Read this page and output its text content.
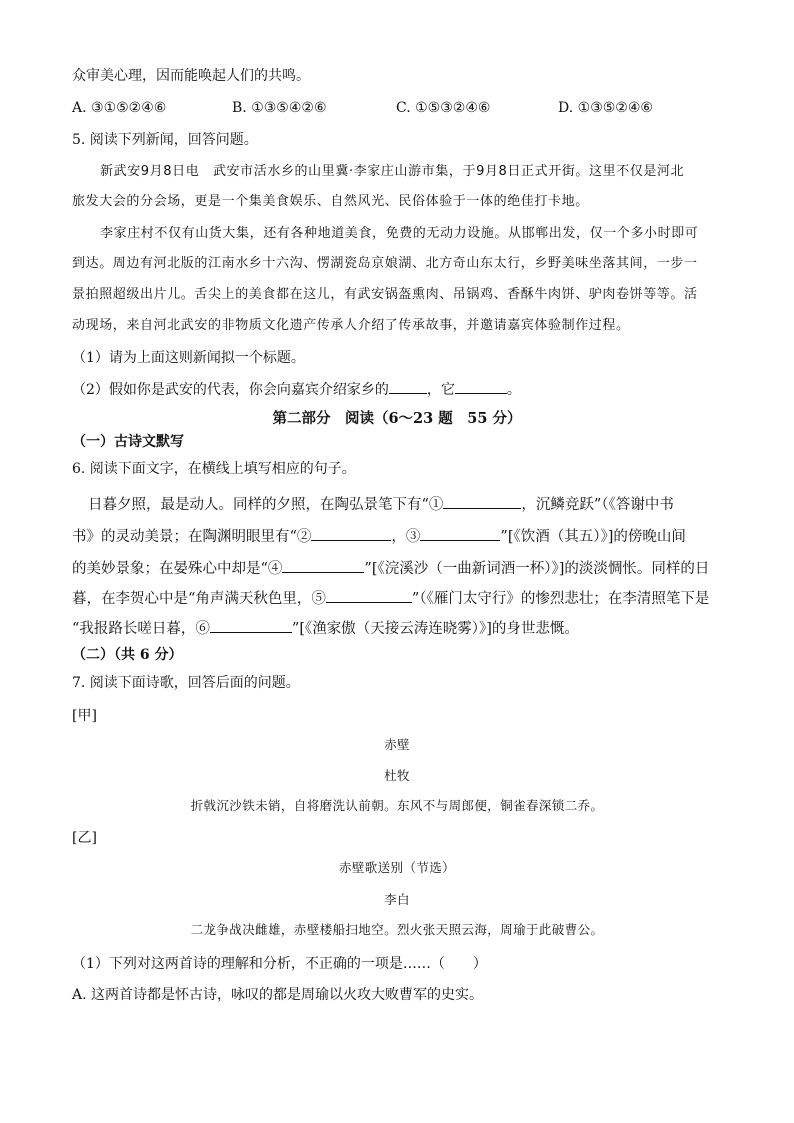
众审美心理，因而能唤起人们的共鸣。
A. ③①⑤②④⑥	B. ①③⑤④②⑥	C. ①⑤③②④⑥	D. ①③⑤②④⑥
5. 阅读下列新闻，回答问题。
新武安9月8日电　武安市活水乡的山里冀·李家庄山游市集，于9月8日正式开街。这里不仅是河北
旅发大会的分会场，更是一个集美食娱乐、自然风光、民俗体验于一体的绝佳打卡地。
李家庄村不仅有山货大集，还有各种地道美食，免费的无动力设施。从邯郸出发，仅一个多小时即可
到达。周边有河北版的江南水乡十六沟、愣湖瓷岛京娘湖、北方奇山东太行，乡野美味坐落其间，一步一
景拍照超级出片儿。舌尖上的美食都在这儿，有武安锅盔熏肉、吊锅鸡、香酥牛肉饼、驴肉卷饼等等。活
动现场，来自河北武安的非物质文化遗产传承人介绍了传承故事，并邀请嘉宾体验制作过程。
（1）请为上面这则新闻拟一个标题。
（2）假如你是武安的代表，你会向嘉宾介绍家乡的	，它	。
第二部分　阅读（6～23 题　55 分）
（一）古诗文默写
6. 阅读下面文字，在横线上填写相应的句子。
日暮夕照，最是动人。同样的夕照，在陶弘景笔下有“①	，沉鳞竞跃”（《答谢中书
书》的灵动美景；在陶渊明眼里有“②	，③	”[《饮酒（其五）》]的傍晚山间
的美妙景象；在晏殊心中却是“④	”[《浣溪沙（一曲新词酒一杯）》]的淡淡惆怅。同样的日
暮，在李贺心中是“角声满天秋色里，⑤	”（《雁门太守行》的惨烈悲壮；在李清照笔下是
“我报路长嗟日暮，⑥	”[《渔家傲（天接云涛连晓雾）》]的身世悲慨。
（二）（共 6 分）
7. 阅读下面诗歌，回答后面的问题。
[甲]
赤壁
杜牧
折戟沉沙铁未销，自将磨洗认前朝。东风不与周郎便，铜雀春深锁二乔。
[乙]
赤壁歌送别（节选）
李白
二龙争战决雌雄，赤壁楼船扫地空。烈火张天照云海，周瑜于此破曹公。
（1）下列对这两首诗的理解和分析，不正确的一项是……（　　）
A. 这两首诗都是怀古诗，咏叹的都是周瑜以火攻大败曹军的史实。
